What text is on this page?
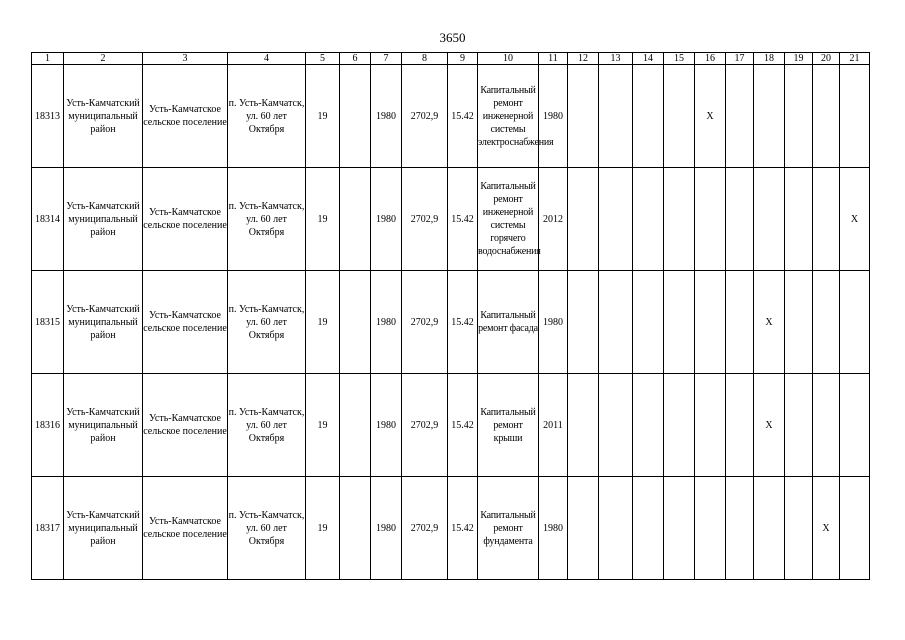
3650
1	2	3	4	5	6	7	8	9	10	11	12	13	14	15	16	17	18	19	20	21
18313	Усть-Камчатский муниципальный район	Усть-Камчатское сельское поселение	п. Усть-Камчатск, ул. 60 лет Октября	19		1980	2702,9	15.42	Капитальный ремонт инженерной системы электроснабжения	1980					X					
18314	Усть-Камчатский муниципальный район	Усть-Камчатское сельское поселение	п. Усть-Камчатск, ул. 60 лет Октября	19		1980	2702,9	15.42	Капитальный ремонт инженерной системы горячего водоснабжения	2012										X
18315	Усть-Камчатский муниципальный район	Усть-Камчатское сельское поселение	п. Усть-Камчатск, ул. 60 лет Октября	19		1980	2702,9	15.42	Капитальный ремонт фасада	1980							X			
18316	Усть-Камчатский муниципальный район	Усть-Камчатское сельское поселение	п. Усть-Камчатск, ул. 60 лет Октября	19		1980	2702,9	15.42	Капитальный ремонт крыши	2011							X			
18317	Усть-Камчатский муниципальный район	Усть-Камчатское сельское поселение	п. Усть-Камчатск, ул. 60 лет Октября	19		1980	2702,9	15.42	Капитальный ремонт фундамента	1980									X	
